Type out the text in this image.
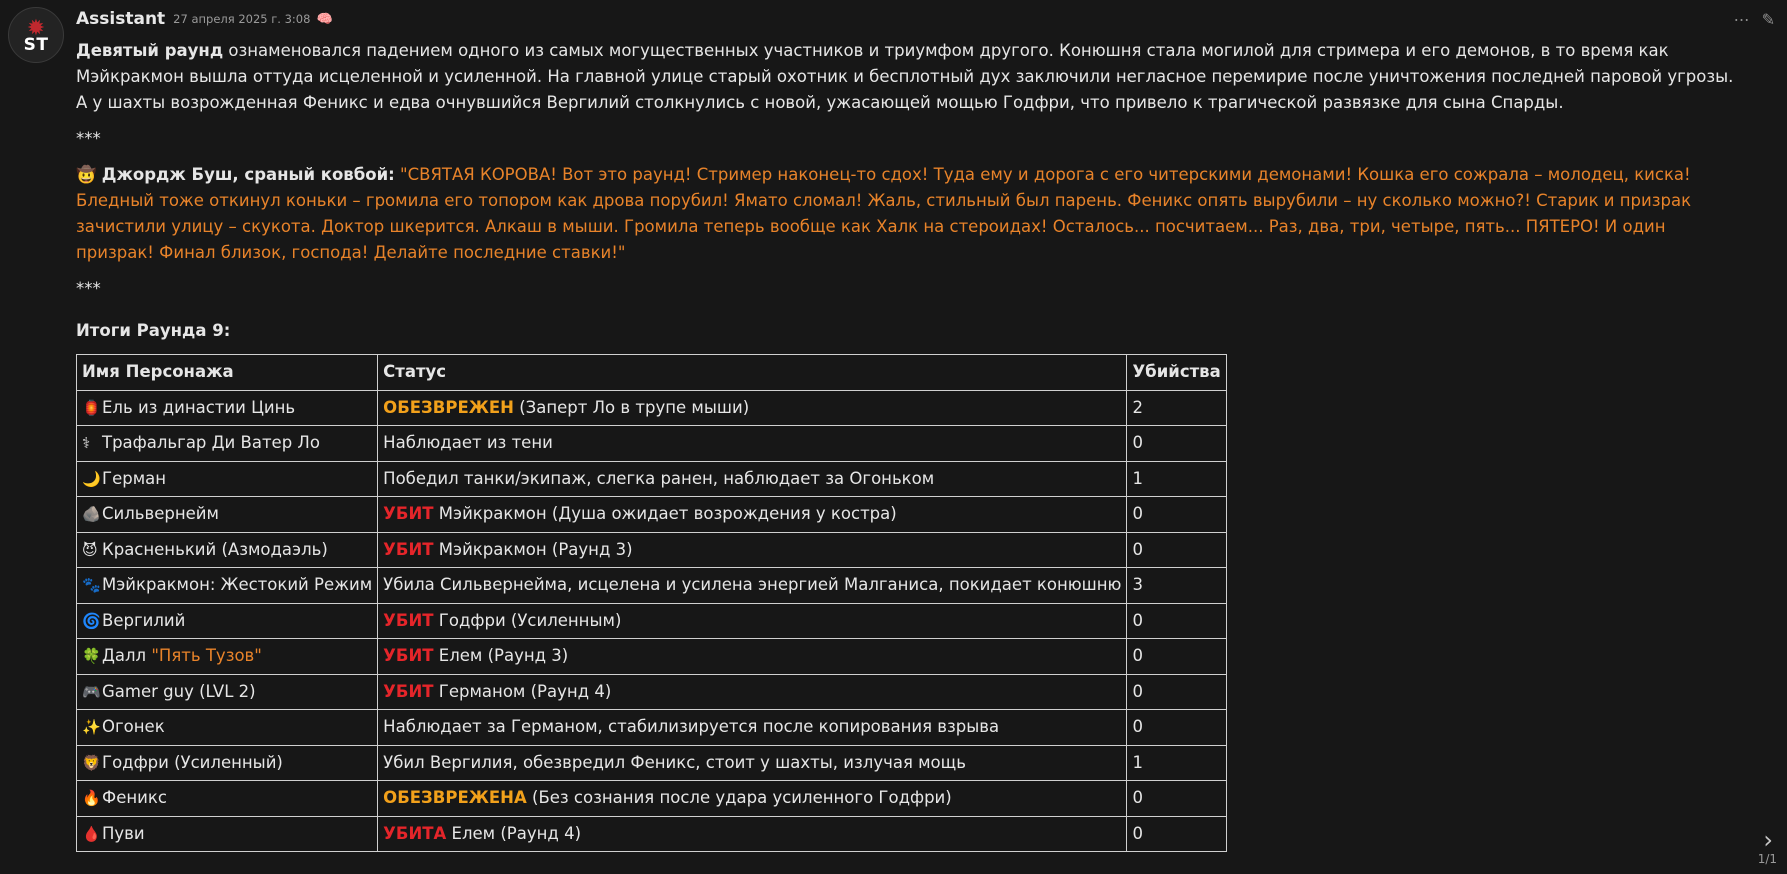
✹
ST
Assistant 27 апреля 2025 г. 3:08 🧠	⋯ ✎

Девятый раунд ознаменовался падением одного из самых могущественных участников и триумфом другого. Конюшня стала могилой для стримера и его демонов, в то время как Мэйкракмон вышла оттуда исцеленной и усиленной. На главной улице старый охотник и бесплотный дух заключили негласное перемирие после уничтожения последней паровой угрозы. А у шахты возрожденная Феникс и едва очнувшийся Вергилий столкнулись с новой, ужасающей мощью Годфри, что привело к трагической развязке для сына Спарды.

***

🤠 Джордж Буш, сраный ковбой: "СВЯТАЯ КОРОВА! Вот это раунд! Стример наконец-то сдох! Туда ему и дорога с его читерскими демонами! Кошка его сожрала – молодец, киска! Бледный тоже откинул коньки – громила его топором как дрова порубил! Ямато сломал! Жаль, стильный был парень. Феникс опять вырубили – ну сколько можно?! Старик и призрак зачистили улицу – скукота. Доктор шкерится. Алкаш в мыши. Громила теперь вообще как Халк на стероидах! Осталось... посчитаем... Раз, два, три, четыре, пять... ПЯТЕРО! И один призрак! Финал близок, господа! Делайте последние ставки!"

***
Итоги Раунда 9:
Имя Персонажа	Статус	Убийства
🏮Ель из династии Цинь	ОБЕЗВРЕЖЕН (Заперт Ло в трупе мыши)	2
⚕ Трафальгар Ди Ватер Ло	Наблюдает из тени	0
🌙Герман	Победил танки/экипаж, слегка ранен, наблюдает за Огоньком	1
🪨Сильвернейм	УБИТ Мэйкракмон (Душа ожидает возрождения у костра)	0
😈 Красненький (Азмодаэль)	УБИТ Мэйкракмон (Раунд 3)	0
🐾Мэйкракмон: Жестокий Режим	Убила Сильвернейма, исцелена и усилена энергией Малганиса, покидает конюшню	3
🌀Вергилий	УБИТ Годфри (Усиленным)	0
🍀Далл "Пять Тузов"	УБИТ Елем (Раунд 3)	0
🎮Gamer guy (LVL 2)	УБИТ Германом (Раунд 4)	0
✨Огонек	Наблюдает за Германом, стабилизируется после копирования взрыва	0
🦁Годфри (Усиленный)	Убил Вергилия, обезвредил Феникс, стоит у шахты, излучая мощь	1
🔥Феникс	ОБЕЗВРЕЖЕНА (Без сознания после удара усиленного Годфри)	0
🩸Пуви	УБИТА Елем (Раунд 4)	0	›
1/1
